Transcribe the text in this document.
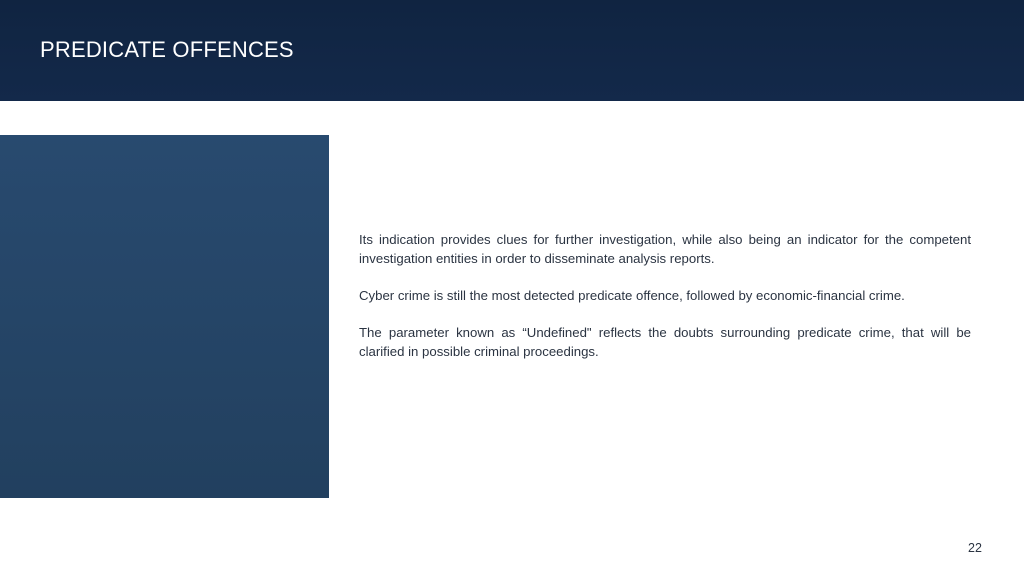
PREDICATE OFFENCES
THE PREDICATE OFFENCES DETECTED ARE
BASED ON THE OPERATIONAL ANALYSIS
CARRIED OUT.

Its indication provides clues for further investigation, while also being an indicator for the competent investigation entities in order to disseminate analysis reports.

Cyber crime is still the most detected predicate offence, followed by economic-financial crime.

The parameter known as “Undefined" reflects the doubts surrounding predicate crime, that will be clarified in possible criminal proceedings.

22
